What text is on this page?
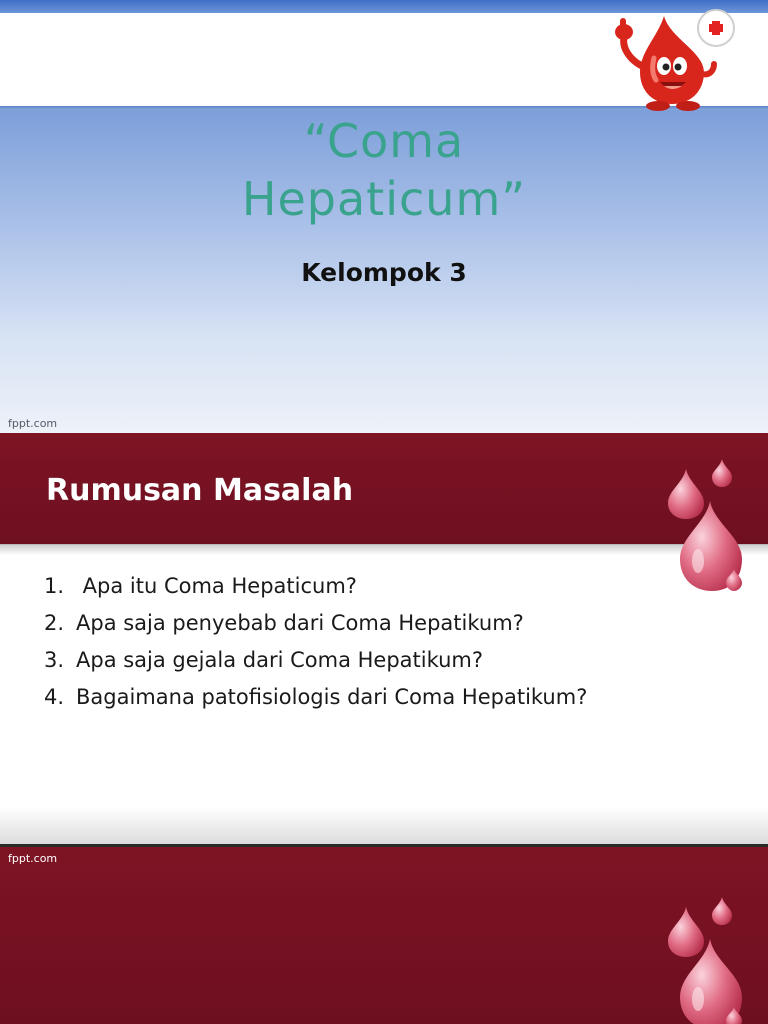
“Coma
Hepaticum”
Kelompok 3
fppt.com
Rumusan Masalah
1. Apa itu Coma Hepaticum?
2. Apa saja penyebab dari Coma Hepatikum?
3. Apa saja gejala dari Coma Hepatikum?
4. Bagaimana patofisiologis dari Coma Hepatikum?
fppt.com
